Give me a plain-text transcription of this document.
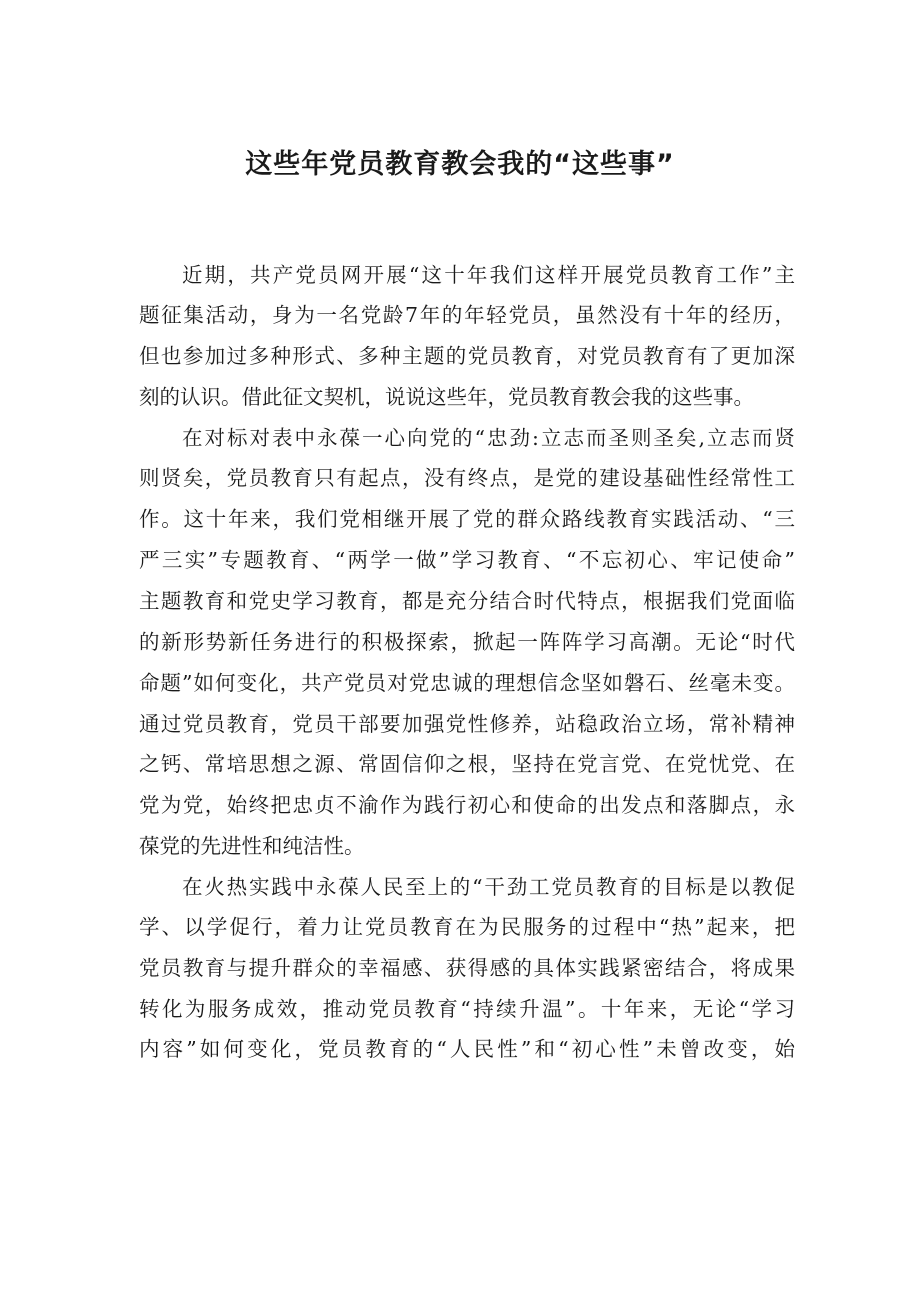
这些年党员教育教会我的“这些事”

近期，共产党员网开展“这十年我们这样开展党员教育工作”主

题征集活动，身为一名党龄7年的年轻党员，虽然没有十年的经历，

但也参加过多种形式、多种主题的党员教育，对党员教育有了更加深

刻的认识。借此征文契机，说说这些年，党员教育教会我的这些事。

在对标对表中永葆一心向党的“忠劲:立志而圣则圣矣,立志而贤

则贤矣，党员教育只有起点，没有终点，是党的建设基础性经常性工

作。这十年来，我们党相继开展了党的群众路线教育实践活动、“三

严三实”专题教育、“两学一做”学习教育、“不忘初心、牢记使命”

主题教育和党史学习教育，都是充分结合时代特点，根据我们党面临

的新形势新任务进行的积极探索，掀起一阵阵学习高潮。无论“时代

命题”如何变化，共产党员对党忠诚的理想信念坚如磐石、丝毫未变。

通过党员教育，党员干部要加强党性修养，站稳政治立场，常补精神

之钙、常培思想之源、常固信仰之根，坚持在党言党、在党忧党、在

党为党，始终把忠贞不渝作为践行初心和使命的出发点和落脚点，永

葆党的先进性和纯洁性。

在火热实践中永葆人民至上的“干劲工党员教育的目标是以教促

学、以学促行，着力让党员教育在为民服务的过程中“热”起来，把

党员教育与提升群众的幸福感、获得感的具体实践紧密结合，将成果

转化为服务成效，推动党员教育“持续升温”。十年来，无论“学习

内容”如何变化，党员教育的“人民性”和“初心性”未曾改变，始
